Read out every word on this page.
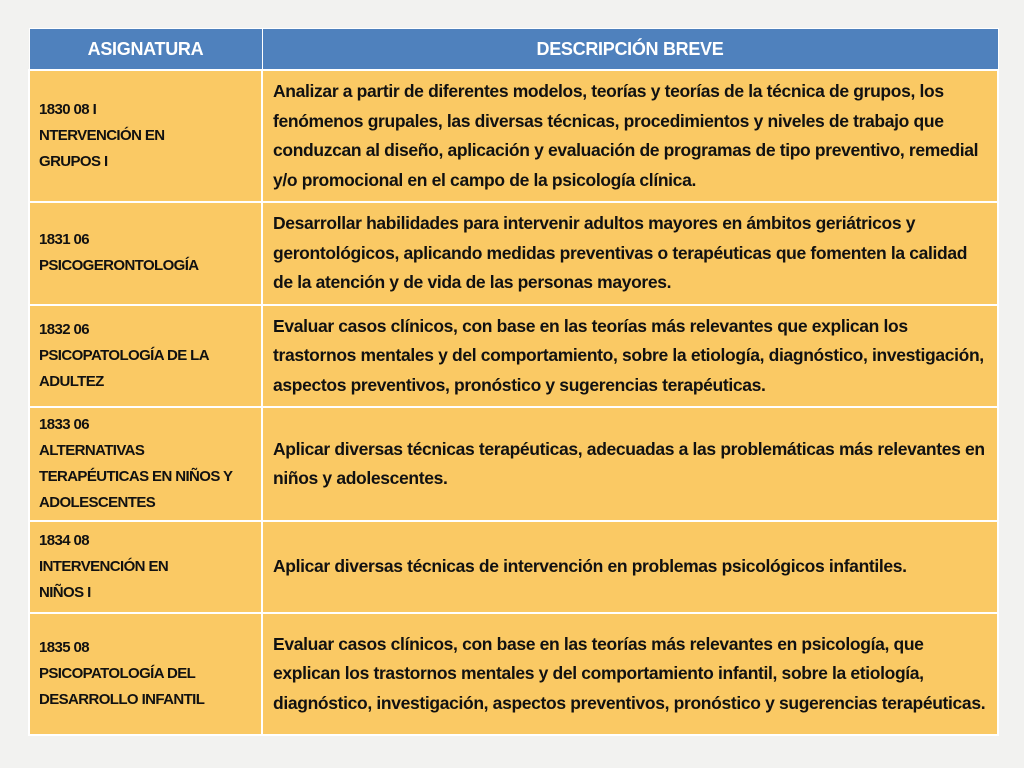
ASIGNATURA	DESCRIPCIÓN BREVE

1830 08 I
NTERVENCIÓN EN GRUPOS I	Analizar a partir de diferentes modelos, teorías y teorías de la técnica de grupos, los fenómenos grupales, las diversas técnicas, procedimientos y niveles de trabajo que conduzcan al diseño, aplicación y evaluación de programas de tipo preventivo, remedial y/o promocional en el campo de la psicología clínica.

1831 06
PSICOGERONTOLOGÍA	Desarrollar habilidades para intervenir adultos mayores en ámbitos geriátricos y gerontológicos, aplicando medidas preventivas o terapéuticas que fomenten la calidad de la atención y de vida de las personas mayores.

1832 06
PSICOPATOLOGÍA DE LA ADULTEZ	Evaluar casos clínicos, con base en las teorías más relevantes que explican los trastornos mentales y del comportamiento, sobre la etiología, diagnóstico, investigación, aspectos preventivos, pronóstico y sugerencias terapéuticas.

1833 06
ALTERNATIVAS TERAPÉUTICAS EN NIÑOS Y ADOLESCENTES	Aplicar diversas técnicas terapéuticas, adecuadas a las problemáticas más relevantes en niños y adolescentes.

1834 08
INTERVENCIÓN EN NIÑOS I	Aplicar diversas técnicas de intervención en problemas psicológicos infantiles.

1835 08
PSICOPATOLOGÍA DEL DESARROLLO INFANTIL	Evaluar casos clínicos, con base en las teorías más relevantes en psicología, que explican los trastornos mentales y del comportamiento infantil, sobre la etiología, diagnóstico, investigación, aspectos preventivos, pronóstico y sugerencias terapéuticas.
